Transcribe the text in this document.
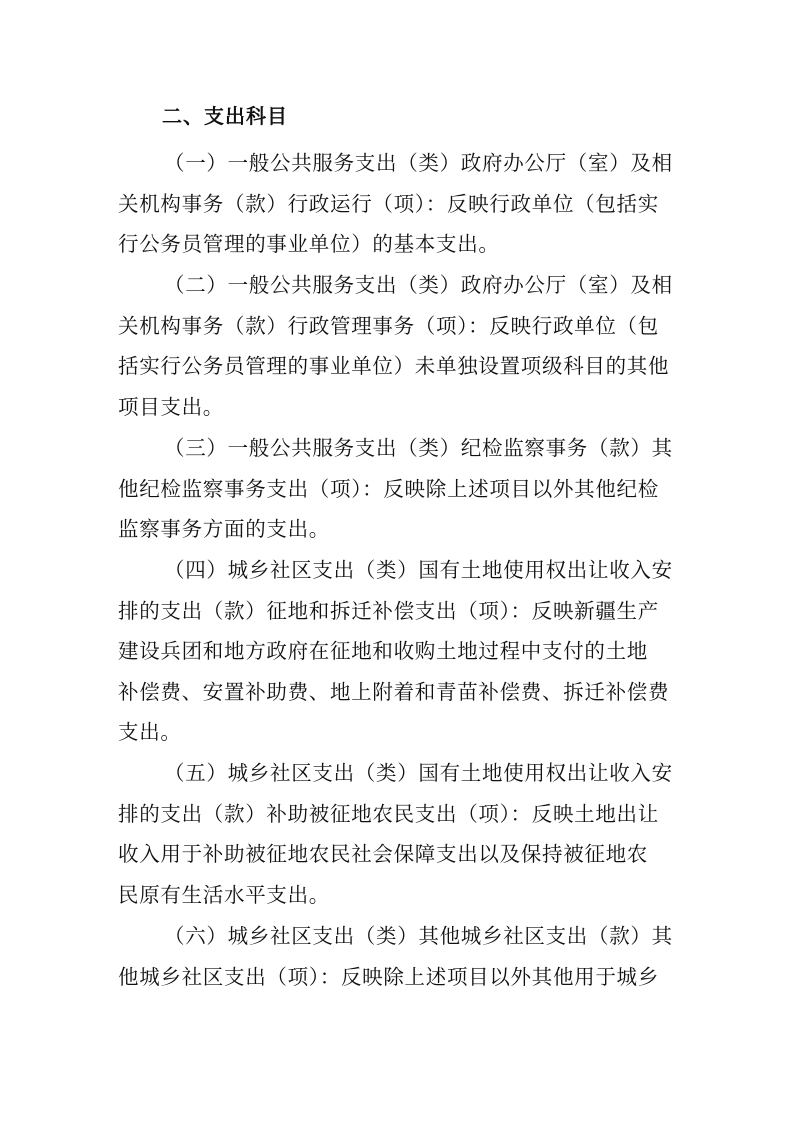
二、支出科目
（一）一般公共服务支出（类）政府办公厅（室）及相
关机构事务（款）行政运行（项）：反映行政单位（包括实
行公务员管理的事业单位）的基本支出。
（二）一般公共服务支出（类）政府办公厅（室）及相
关机构事务（款）行政管理事务（项）：反映行政单位（包
括实行公务员管理的事业单位）未单独设置项级科目的其他
项目支出。
（三）一般公共服务支出（类）纪检监察事务（款）其
他纪检监察事务支出（项）：反映除上述项目以外其他纪检
监察事务方面的支出。
（四）城乡社区支出（类）国有土地使用权出让收入安
排的支出（款）征地和拆迁补偿支出（项）：反映新疆生产
建设兵团和地方政府在征地和收购土地过程中支付的土地
补偿费、安置补助费、地上附着和青苗补偿费、拆迁补偿费
支出。
（五）城乡社区支出（类）国有土地使用权出让收入安
排的支出（款）补助被征地农民支出（项）：反映土地出让
收入用于补助被征地农民社会保障支出以及保持被征地农
民原有生活水平支出。
（六）城乡社区支出（类）其他城乡社区支出（款）其
他城乡社区支出（项）：反映除上述项目以外其他用于城乡
